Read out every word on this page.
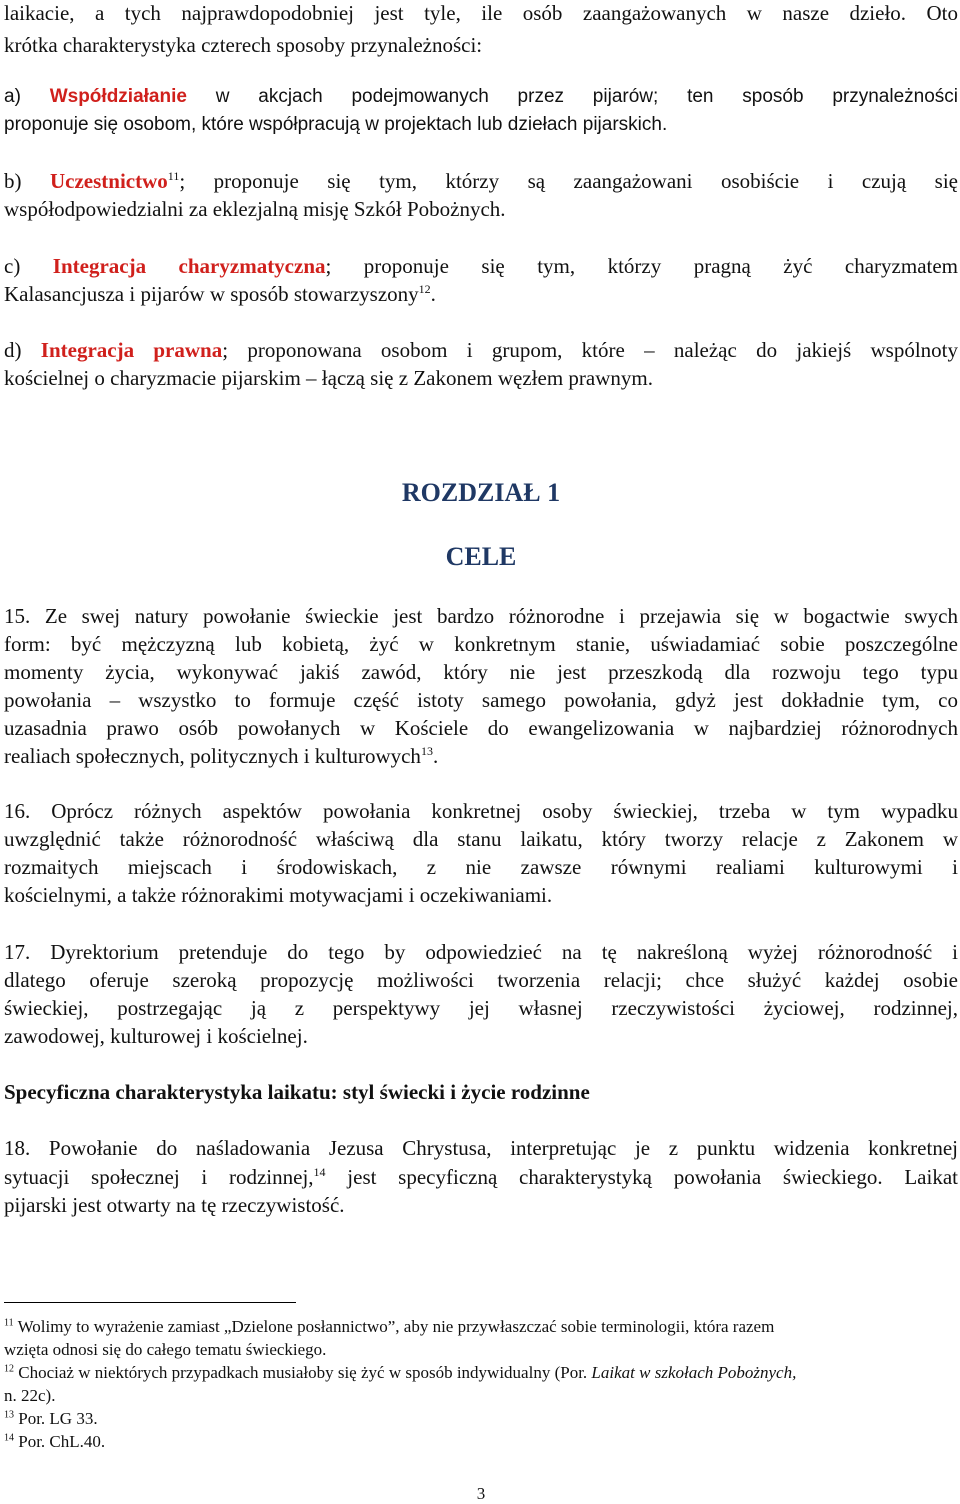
laikacie, a tych najprawdopodobniej jest tyle, ile osób zaangażowanych w nasze dzieło. Oto
krótka charakterystyka czterech sposoby przynależności:
a) Współdziałanie w akcjach podejmowanych przez pijarów; ten sposób przynależności
proponuje się osobom, które współpracują w projektach lub dziełach pijarskich.
b) Uczestnictwo$^{11}$; proponuje się tym, którzy są zaangażowani osobiście i czują się
współodpowiedzialni za eklezjalną misję Szkół Pobożnych.
c) Integracja charyzmatyczna; proponuje się tym, którzy pragną żyć charyzmatem
Kalasancjusza i pijarów w sposób stowarzyszony$^{12}$.
d) Integracja prawna; proponowana osobom i grupom, które – należąc do jakiejś wspólnoty
kościelnej o charyzmacie pijarskim – łączą się z Zakonem węzłem prawnym.
ROZDZIAŁ 1
CELE
15. Ze swej natury powołanie świeckie jest bardzo różnorodne i przejawia się w bogactwie swych
form: być mężczyzną lub kobietą, żyć w konkretnym stanie, uświadamiać sobie poszczególne
momenty życia, wykonywać jakiś zawód, który nie jest przeszkodą dla rozwoju tego typu
powołania – wszystko to formuje część istoty samego powołania, gdyż jest dokładnie tym, co
uzasadnia prawo osób powołanych w Kościele do ewangelizowania w najbardziej różnorodnych
realiach społecznych, politycznych i kulturowych$^{13}$.
16. Oprócz różnych aspektów powołania konkretnej osoby świeckiej, trzeba w tym wypadku
uwzględnić także różnorodność właściwą dla stanu laikatu, który tworzy relacje z Zakonem w
rozmaitych miejscach i środowiskach, z nie zawsze równymi realiami kulturowymi i
kościelnymi, a także różnorakimi motywacjami i oczekiwaniami.
17. Dyrektorium pretenduje do tego by odpowiedzieć na tę nakreśloną wyżej różnorodność i
dlatego oferuje szeroką propozycję możliwości tworzenia relacji; chce służyć każdej osobie
świeckiej, postrzegając ją z perspektywy jej własnej rzeczywistości życiowej, rodzinnej,
zawodowej, kulturowej i kościelnej.
Specyficzna charakterystyka laikatu: styl świecki i życie rodzinne
18. Powołanie do naśladowania Jezusa Chrystusa, interpretując je z punktu widzenia konkretnej
sytuacji społecznej i rodzinnej,$^{14}$ jest specyficzną charakterystyką powołania świeckiego. Laikat
pijarski jest otwarty na tę rzeczywistość.
$^{11}$ Wolimy to wyrażenie zamiast „Dzielone posłannictwo”, aby nie przywłaszczać sobie terminologii, która razem
wzięta odnosi się do całego tematu świeckiego.
$^{12}$ Chociaż w niektórych przypadkach musiałoby się żyć w sposób indywidualny (Por. Laikat w szkołach Pobożnych,
n. 22c).
$^{13}$ Por. LG 33.
$^{14}$ Por. ChL.40.
3
